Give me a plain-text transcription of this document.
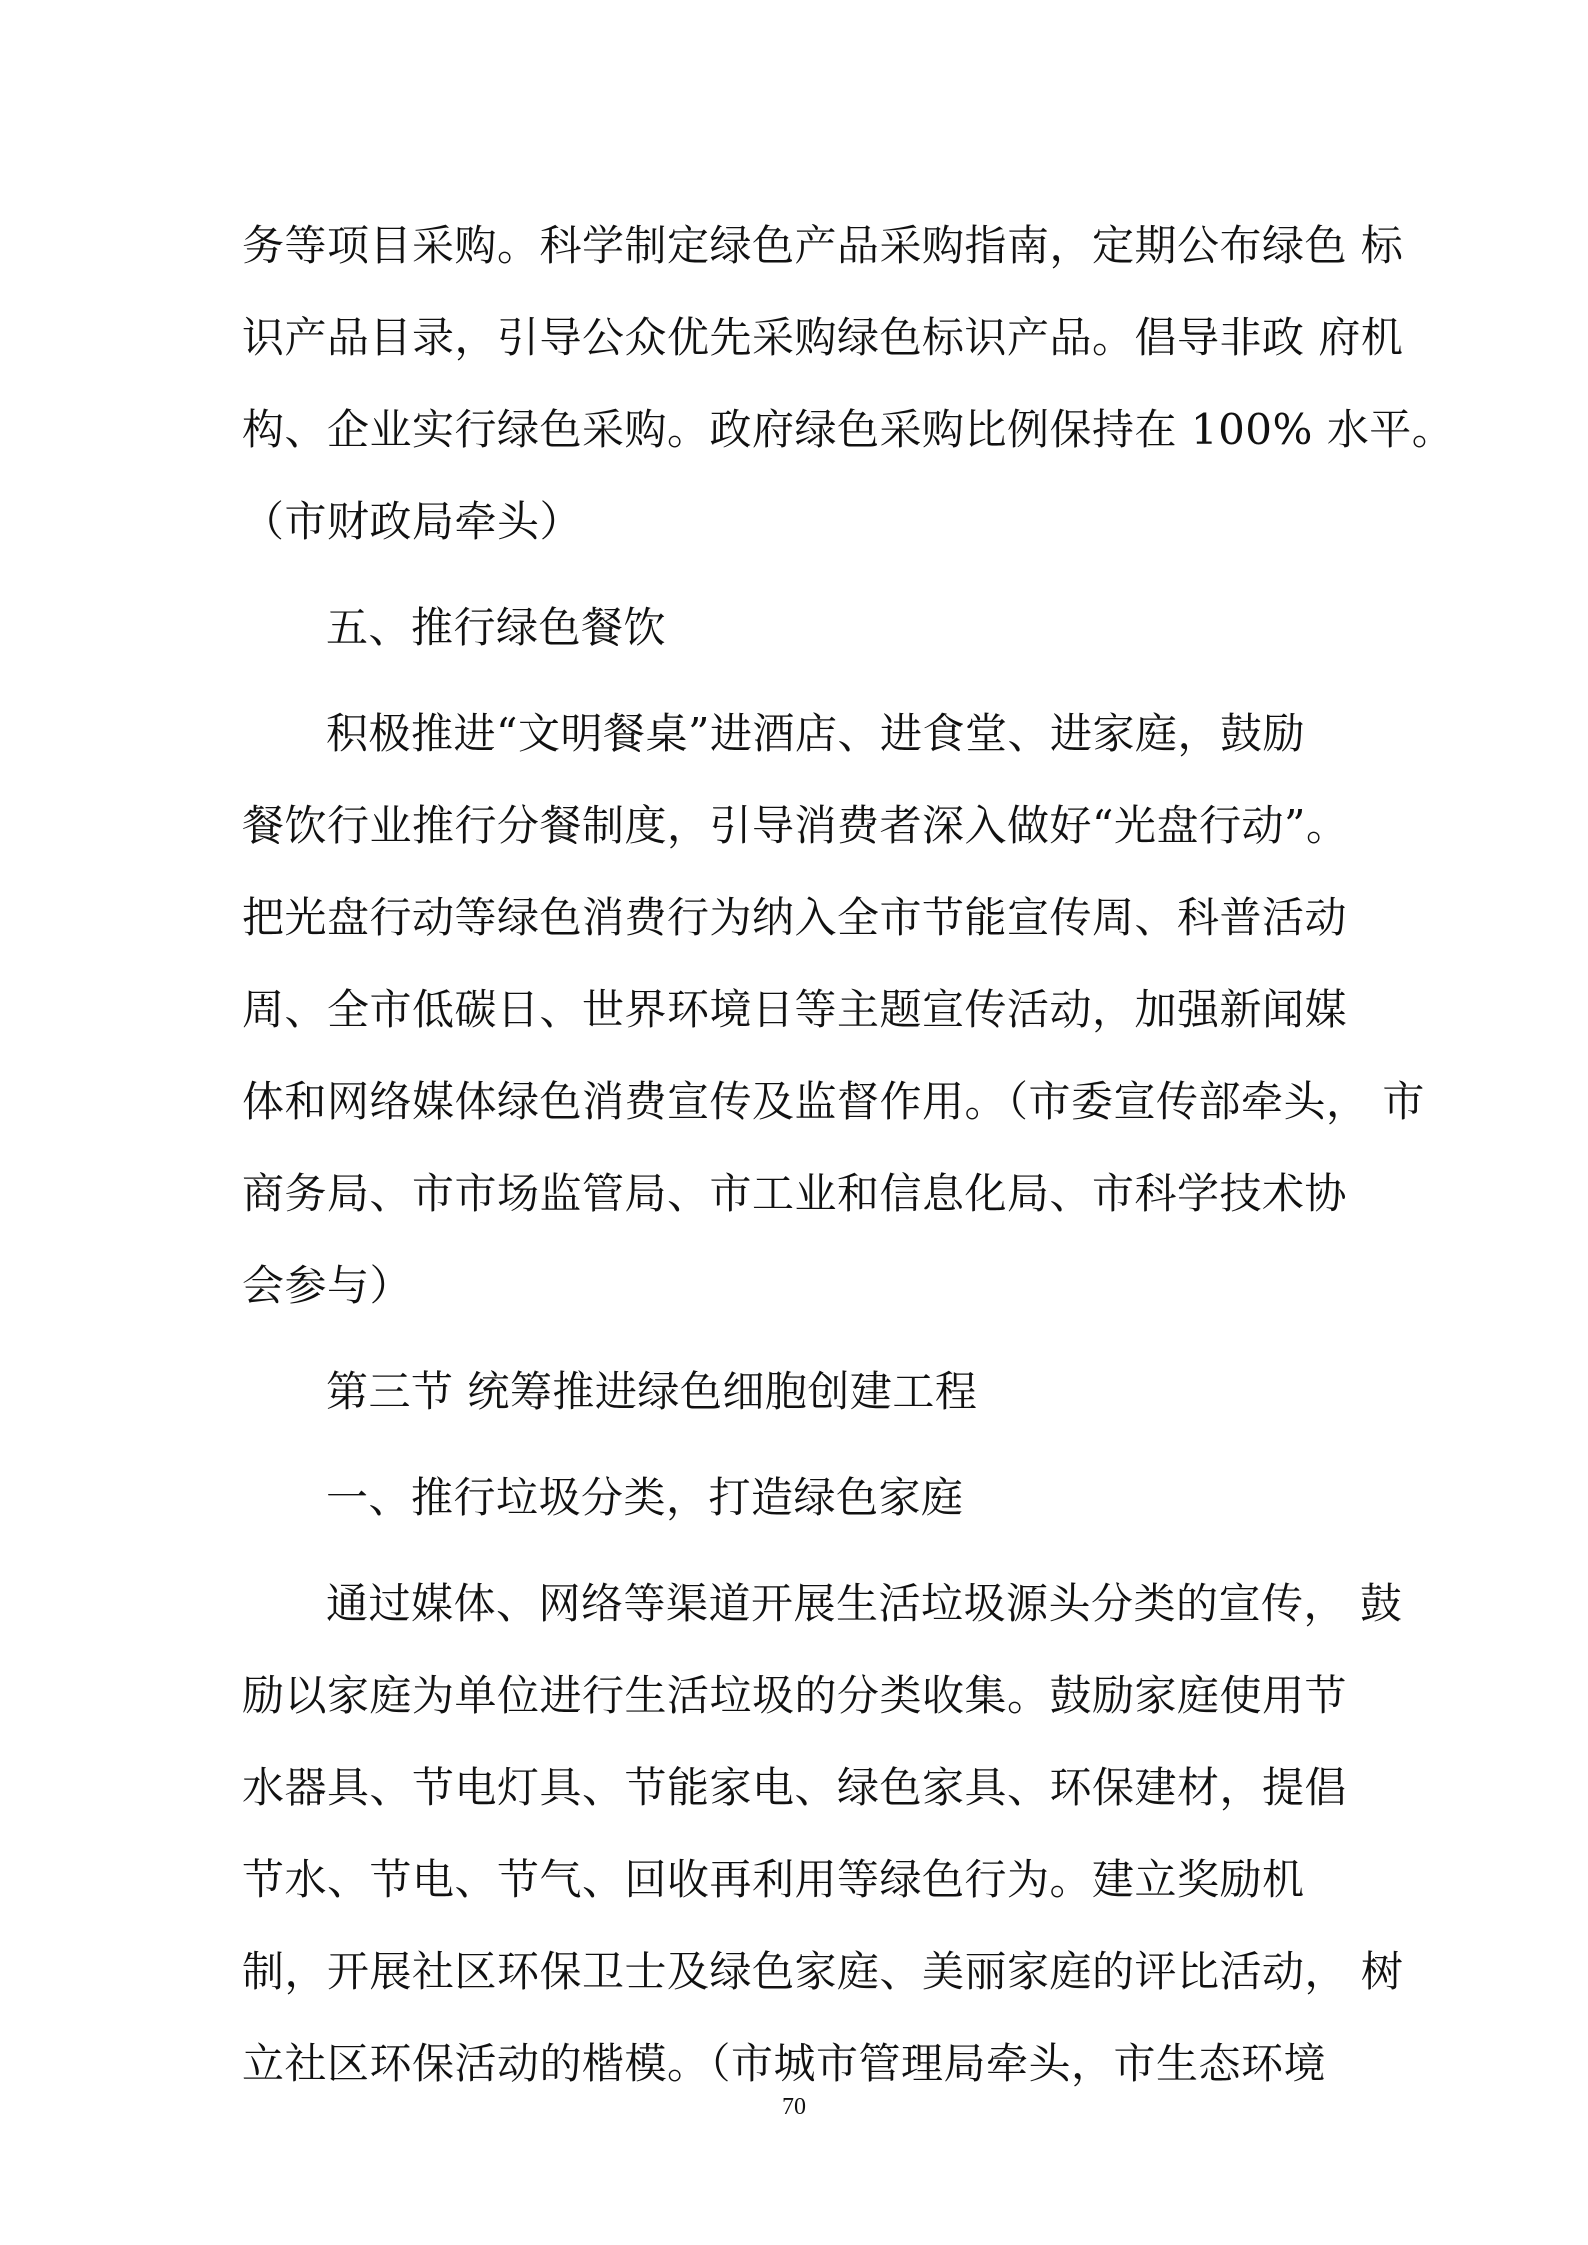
务等项目采购。科学制定绿色产品采购指南，定期公布绿色 标
识产品目录，引导公众优先采购绿色标识产品。倡导非政 府机
构、企业实行绿色采购。政府绿色采购比例保持在 100% 水平。
（市财政局牵头）
五、推行绿色餐饮
积极推进“文明餐桌”进酒店、进食堂、进家庭，鼓励
餐饮行业推行分餐制度，引导消费者深入做好“光盘行动”。
把光盘行动等绿色消费行为纳入全市节能宣传周、科普活动
周、全市低碳日、世界环境日等主题宣传活动，加强新闻媒
体和网络媒体绿色消费宣传及监督作用。（市委宣传部牵头， 市
商务局、市市场监管局、市工业和信息化局、市科学技术协
会参与）
第三节 统筹推进绿色细胞创建工程
一、推行垃圾分类，打造绿色家庭
通过媒体、网络等渠道开展生活垃圾源头分类的宣传， 鼓
励以家庭为单位进行生活垃圾的分类收集。鼓励家庭使用节
水器具、节电灯具、节能家电、绿色家具、环保建材，提倡
节水、节电、节气、回收再利用等绿色行为。建立奖励机
制，开展社区环保卫士及绿色家庭、美丽家庭的评比活动， 树
立社区环保活动的楷模。（市城市管理局牵头，市生态环境
70
